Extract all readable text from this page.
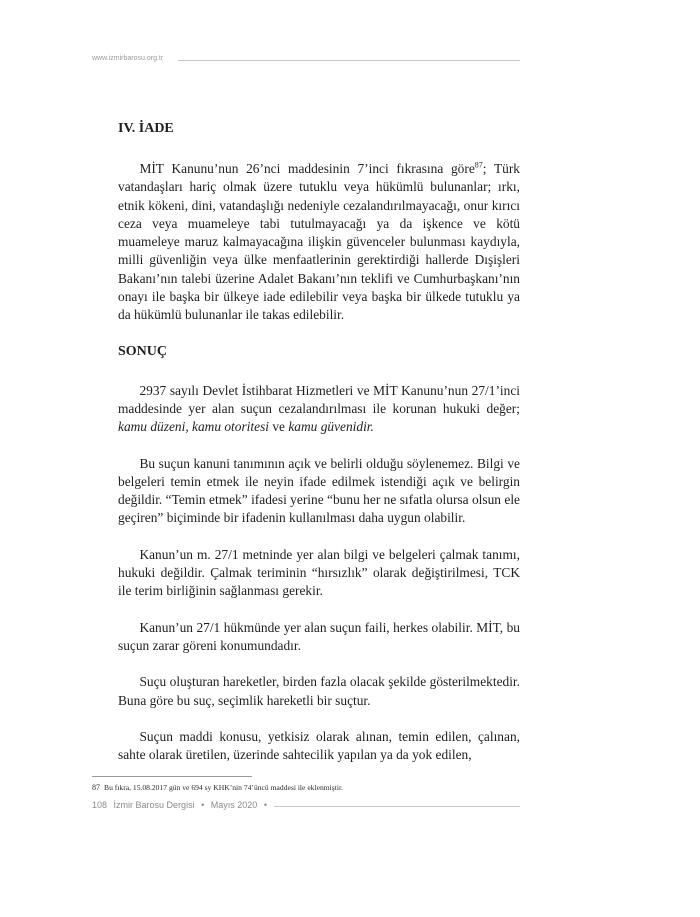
www.izmirbarosu.org.tr
IV. İADE

MİT Kanunu’nun 26’nci maddesinin 7’inci fıkrasına göre$^{87}$; Türk vatandaşları hariç olmak üzere tutuklu veya hükümlü bulunanlar; ırkı, etnik kökeni, dini, vatandaşlığı nedeniyle cezalandırılmayacağı, onur kırıcı ceza veya muameleye tabi tutulmayacağı ya da işkence ve kötü muameleye maruz kalmayacağına ilişkin güvenceler bulunması kaydıyla, milli güvenliğin veya ülke menfaatlerinin gerektirdiği hallerde Dışişleri Bakanı’nın talebi üzerine Adalet Bakanı’nın teklifi ve Cumhurbaşkanı’nın onayı ile başka bir ülkeye iade edilebilir veya başka bir ülkede tutuklu ya da hükümlü bulunanlar ile takas edilebilir.

SONUÇ

2937 sayılı Devlet İstihbarat Hizmetleri ve MİT Kanunu’nun 27/1’inci maddesinde yer alan suçun cezalandırılması ile korunan hukuki değer; kamu düzeni, kamu otoritesi ve kamu güvenidir.

Bu suçun kanuni tanımının açık ve belirli olduğu söylenemez. Bilgi ve belgeleri temin etmek ile neyin ifade edilmek istendiği açık ve belirgin değildir. “Temin etmek” ifadesi yerine “bunu her ne sıfatla olursa olsun ele geçiren” biçiminde bir ifadenin kullanılması daha uygun olabilir.

Kanun’un m. 27/1 metninde yer alan bilgi ve belgeleri çalmak tanımı, hukuki değildir. Çalmak teriminin “hırsızlık” olarak değiştirilmesi, TCK ile terim birliğinin sağlanması gerekir.

Kanun’un 27/1 hükmünde yer alan suçun faili, herkes olabilir. MİT, bu suçun zarar göreni konumundadır.

Suçu oluşturan hareketler, birden fazla olacak şekilde gösterilmektedir. Buna göre bu suç, seçimlik hareketli bir suçtur.

Suçun maddi konusu, yetkisiz olarak alınan, temin edilen, çalınan, sahte olarak üretilen, üzerinde sahtecilik yapılan ya da yok edilen,

$^{87}$ Bu fıkra, 15.08.2017 gün ve 694 sy KHK’nin 74’üncü maddesi ile eklenmiştir.
108 İzmir Barosu Dergisi • Mayıs 2020 •
